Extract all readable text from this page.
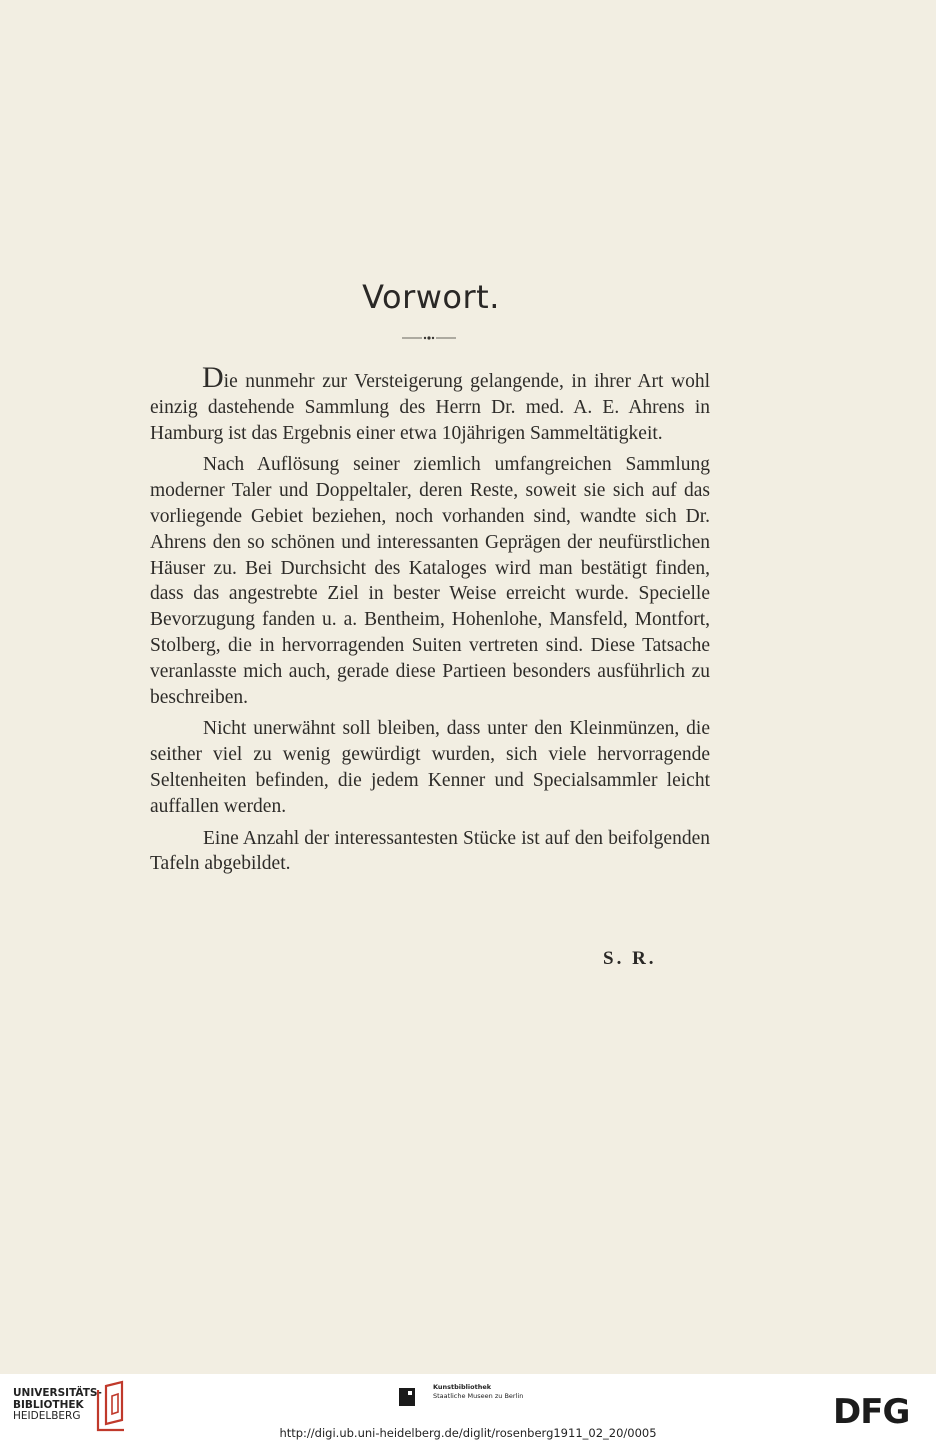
Vorwort.

Die nunmehr zur Versteigerung gelangende, in ihrer Art wohl einzig dastehende Sammlung des Herrn Dr. med. A. E. Ahrens in Hamburg ist das Ergebnis einer etwa 10jährigen Sammeltätigkeit.

Nach Auflösung seiner ziemlich umfangreichen Sammlung moderner Taler und Doppeltaler, deren Reste, soweit sie sich auf das vorliegende Gebiet beziehen, noch vorhanden sind, wandte sich Dr. Ahrens den so schönen und interessanten Geprägen der neufürstlichen Häuser zu. Bei Durchsicht des Kataloges wird man bestätigt finden, dass das angestrebte Ziel in bester Weise erreicht wurde. Specielle Bevorzugung fanden u. a. Bentheim, Hohenlohe, Mansfeld, Montfort, Stolberg, die in hervorragenden Suiten vertreten sind. Diese Tatsache veranlasste mich auch, gerade diese Partieen besonders ausführlich zu beschreiben.

Nicht unerwähnt soll bleiben, dass unter den Kleinmünzen, die seither viel zu wenig gewürdigt wurden, sich viele hervorragende Seltenheiten befinden, die jedem Kenner und Specialsammler leicht auffallen werden.

Eine Anzahl der interessantesten Stücke ist auf den beifolgenden Tafeln abgebildet.

S. R.
UNIVERSITÄTS-
BIBLIOTHEK
HEIDELBERG
Kunstbibliothek
Staatliche Museen zu Berlin	DFG
http://digi.ub.uni-heidelberg.de/diglit/rosenberg1911_02_20/0005
